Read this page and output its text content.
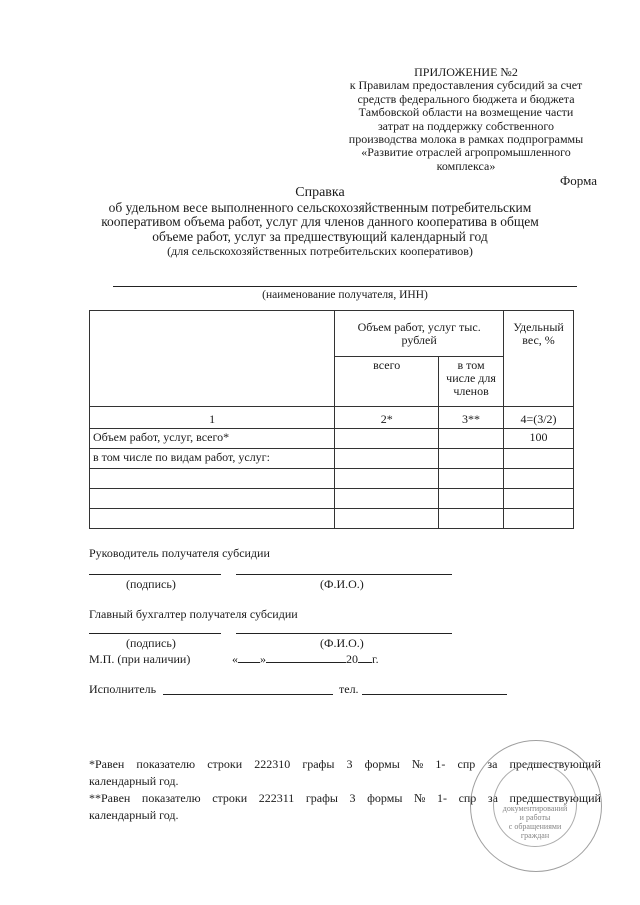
ПРИЛОЖЕНИЕ №2
к Правилам предоставления субсидий за счет
средств федерального бюджета и бюджета
Тамбовской области на возмещение части
затрат на поддержку собственного
производства молока в рамках подпрограммы
«Развитие отраслей агропромышленного
комплекса»
Форма
Справка
об удельном весе выполненного сельскохозяйственным потребительским
кооперативом объема работ, услуг для членов данного кооператива в общем
объеме работ, услуг за предшествующий календарный год
(для сельскохозяйственных потребительских кооперативов)
(наименование получателя, ИНН)
	Объем работ, услуг тыс. рублей		Удельный вес, %
	всего	в том числе для членов	
1	2*	3**	4=(3/2)
Объем работ, услуг, всего*			100
в том числе по видам работ, услуг:			

Руководитель получателя субсидии
(подпись)	(Ф.И.О.)
Главный бухгалтер получателя субсидии
(подпись)	(Ф.И.О.)
М.П. (при наличии)	« »	20 г.
Исполнитель	тел.
*Равен показателю строки 222310 графы 3 формы № 1- спр за предшествующий
календарный год.
**Равен показателю строки 222311 графы 3 формы № 1- спр за предшествующий
календарный год.	документирований
и работы
с обращениями
граждан
